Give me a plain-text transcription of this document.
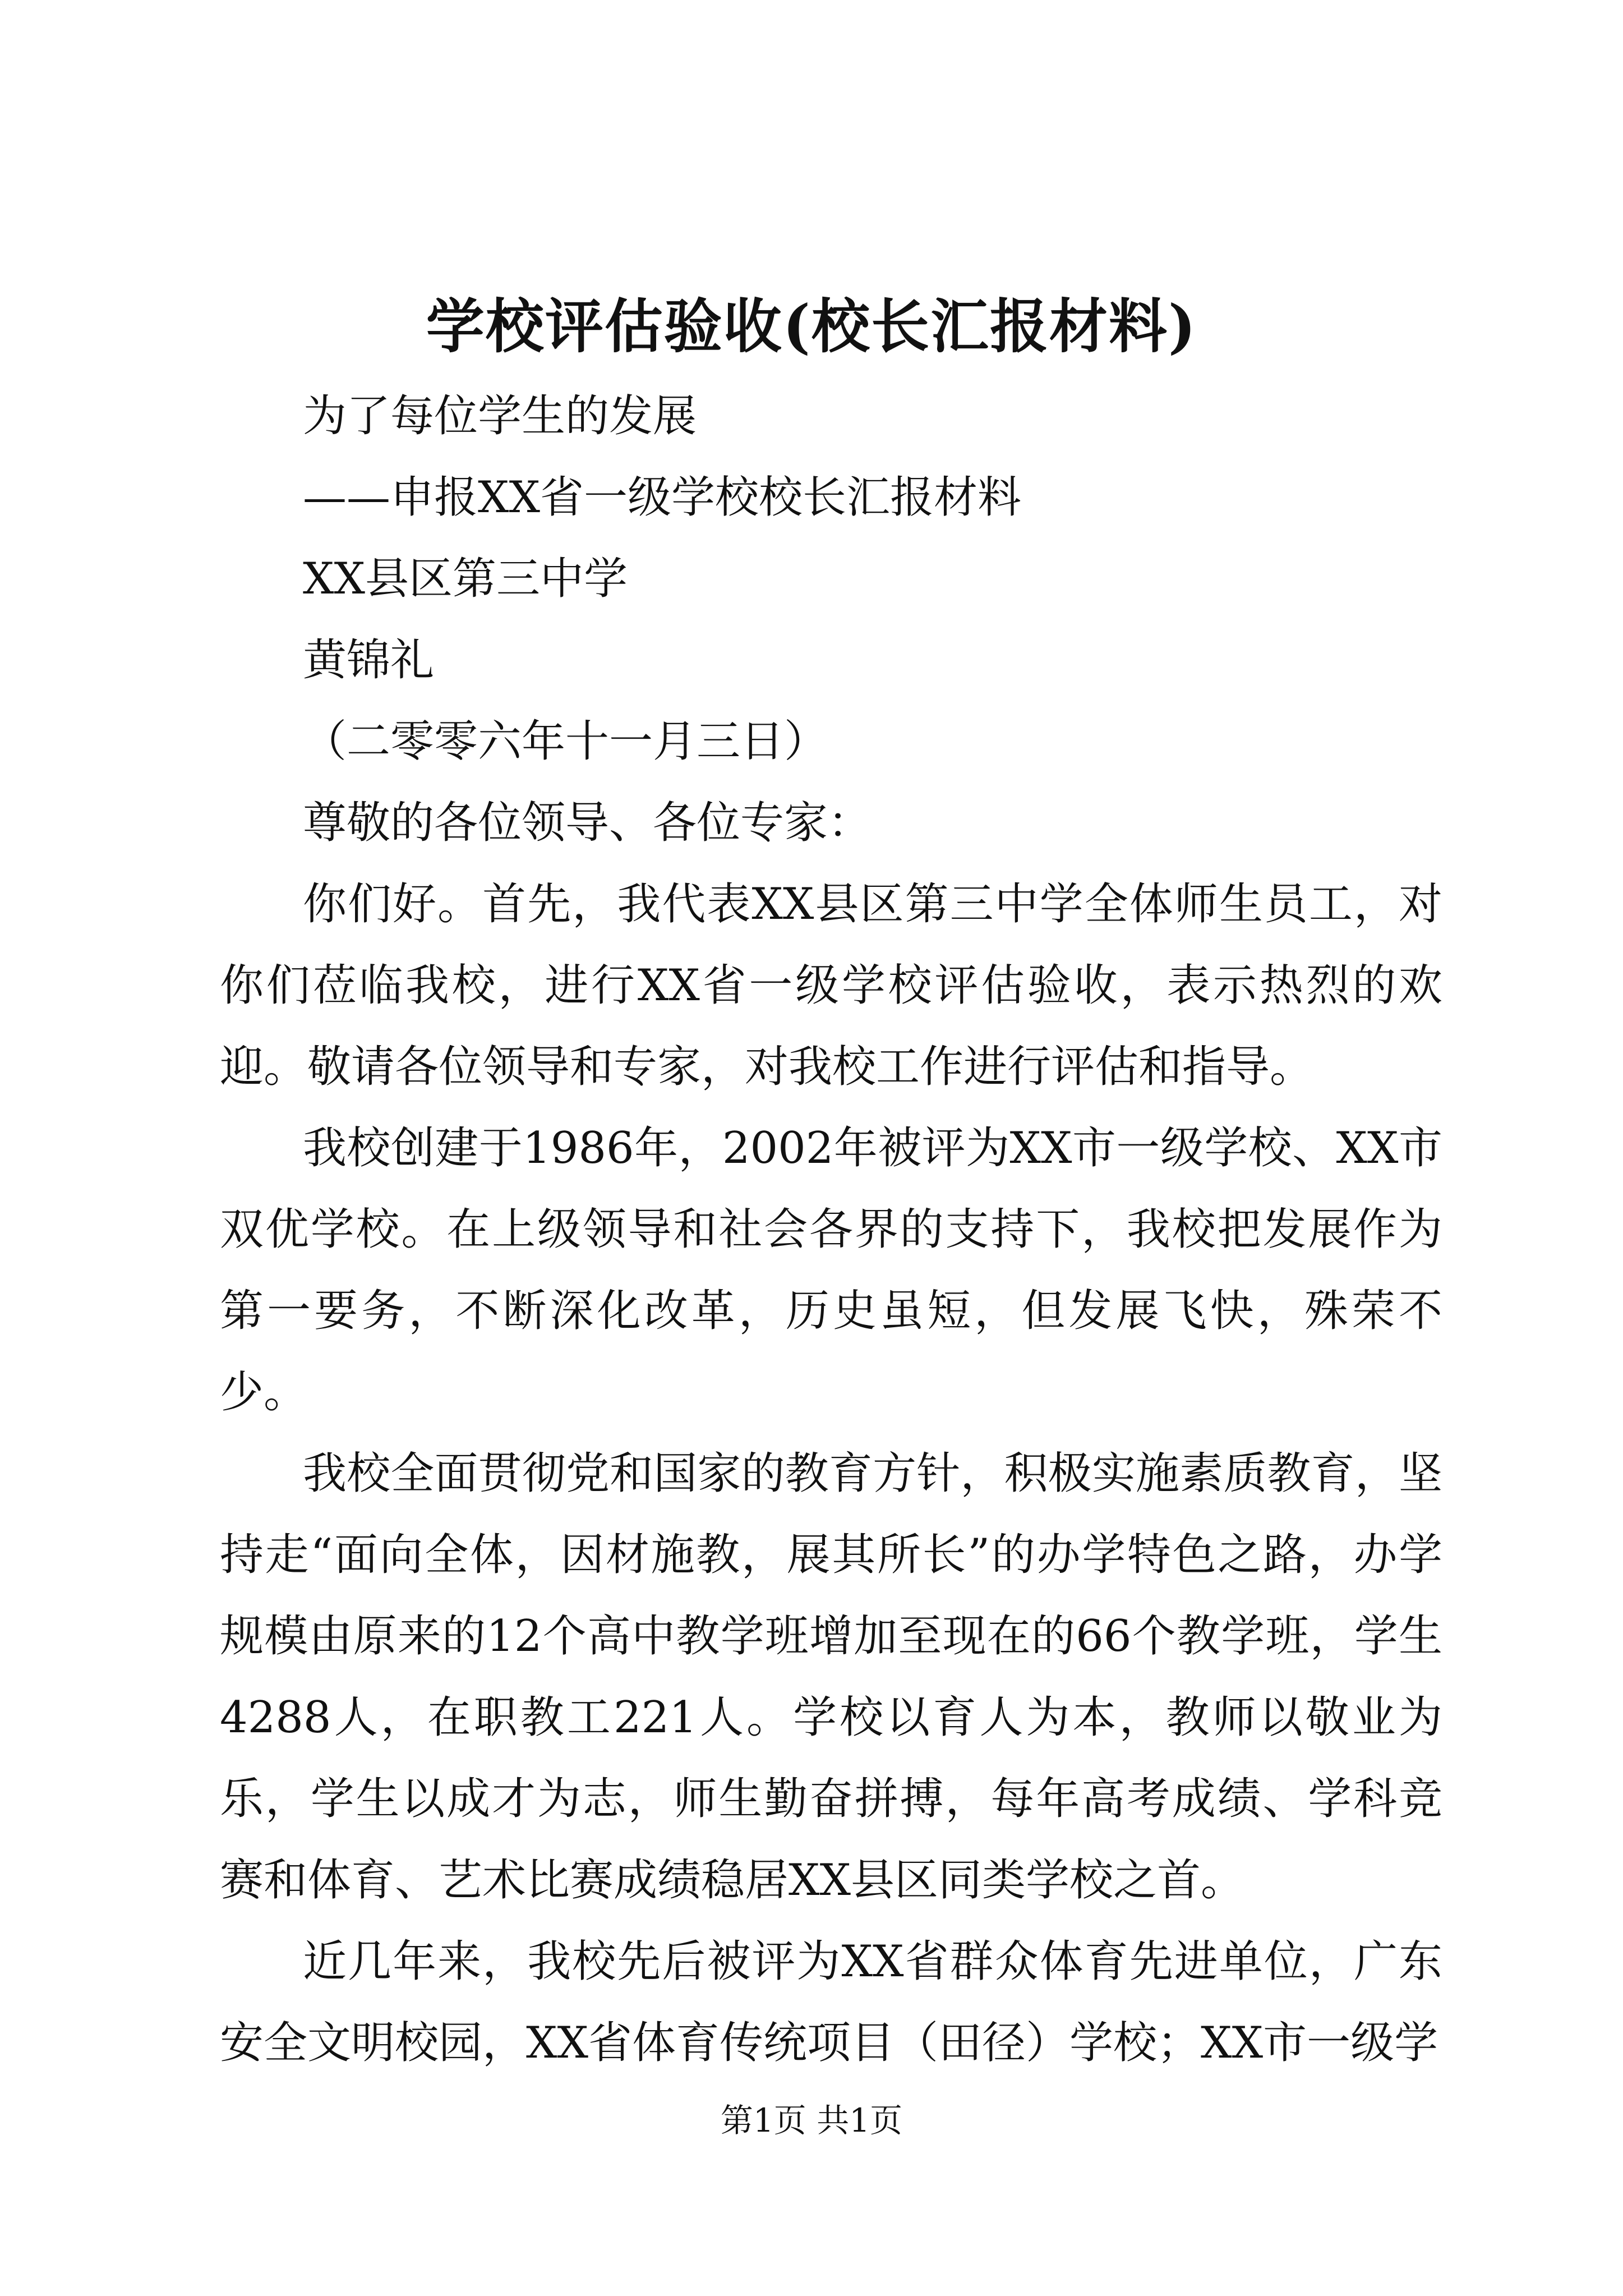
学校评估验收(校长汇报材料)
为了每位学生的发展
——申报XX省一级学校校长汇报材料
XX县区第三中学
黄锦礼
（二零零六年十一月三日）
尊敬的各位领导、各位专家：

你们好。首先，我代表XX县区第三中学全体师生员工，对你们莅临我校，进行XX省一级学校评估验收，表示热烈的欢迎。敬请各位领导和专家，对我校工作进行评估和指导。

我校创建于1986年，2002年被评为XX市一级学校、XX市双优学校。在上级领导和社会各界的支持下，我校把发展作为第一要务，不断深化改革，历史虽短，但发展飞快，殊荣不少。

我校全面贯彻党和国家的教育方针，积极实施素质教育，坚持走“面向全体，因材施教，展其所长”的办学特色之路，办学规模由原来的12个高中教学班增加至现在的66个教学班，学生4288人，在职教工221人。学校以育人为本，教师以敬业为乐，学生以成才为志，师生勤奋拼搏，每年高考成绩、学科竞赛和体育、艺术比赛成绩稳居XX县区同类学校之首。

近几年来，我校先后被评为XX省群众体育先进单位，广东安全文明校园，XX省体育传统项目（田径）学校；XX市一级学

第1页 共1页
